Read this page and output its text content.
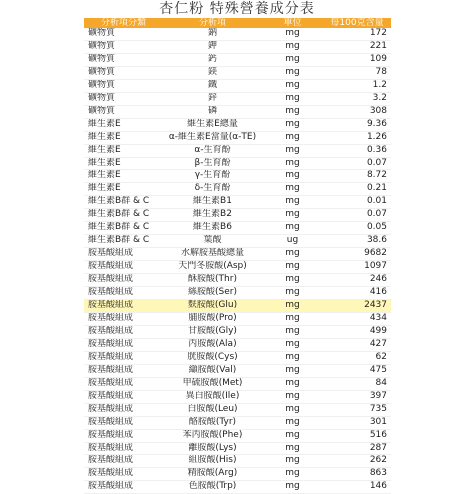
杏仁粉 特殊營養成分表
分析項分類	分析項	單位	每100克含量
礦物質	鈉	mg	172
礦物質	鉀	mg	221
礦物質	鈣	mg	109
礦物質	鎂	mg	78
礦物質	鐵	mg	1.2
礦物質	鋅	mg	3.2
礦物質	磷	mg	308
維生素E	維生素E總量	mg	9.36
維生素E	α-維生素E當量(α-TE)	mg	1.26
維生素E	α-生育酚	mg	0.36
維生素E	β-生育酚	mg	0.07
維生素E	γ-生育酚	mg	8.72
維生素E	δ-生育酚	mg	0.21
維生素B群 & C	維生素B1	mg	0.01
維生素B群 & C	維生素B2	mg	0.07
維生素B群 & C	維生素B6	mg	0.05
維生素B群 & C	葉酸	ug	38.6
胺基酸組成	水解胺基酸總量	mg	9682
胺基酸組成	天門冬胺酸(Asp)	mg	1097
胺基酸組成	酥胺酸(Thr)	mg	246
胺基酸組成	絲胺酸(Ser)	mg	416
胺基酸組成	麩胺酸(Glu)	mg	2437
胺基酸組成	脯胺酸(Pro)	mg	434
胺基酸組成	甘胺酸(Gly)	mg	499
胺基酸組成	丙胺酸(Ala)	mg	427
胺基酸組成	胱胺酸(Cys)	mg	62
胺基酸組成	纈胺酸(Val)	mg	475
胺基酸組成	甲硫胺酸(Met)	mg	84
胺基酸組成	異白胺酸(Ile)	mg	397
胺基酸組成	白胺酸(Leu)	mg	735
胺基酸組成	酪胺酸(Tyr)	mg	301
胺基酸組成	苯丙胺酸(Phe)	mg	516
胺基酸組成	離胺酸(Lys)	mg	287
胺基酸組成	組胺酸(His)	mg	262
胺基酸組成	精胺酸(Arg)	mg	863
胺基酸組成	色胺酸(Trp)	mg	146
